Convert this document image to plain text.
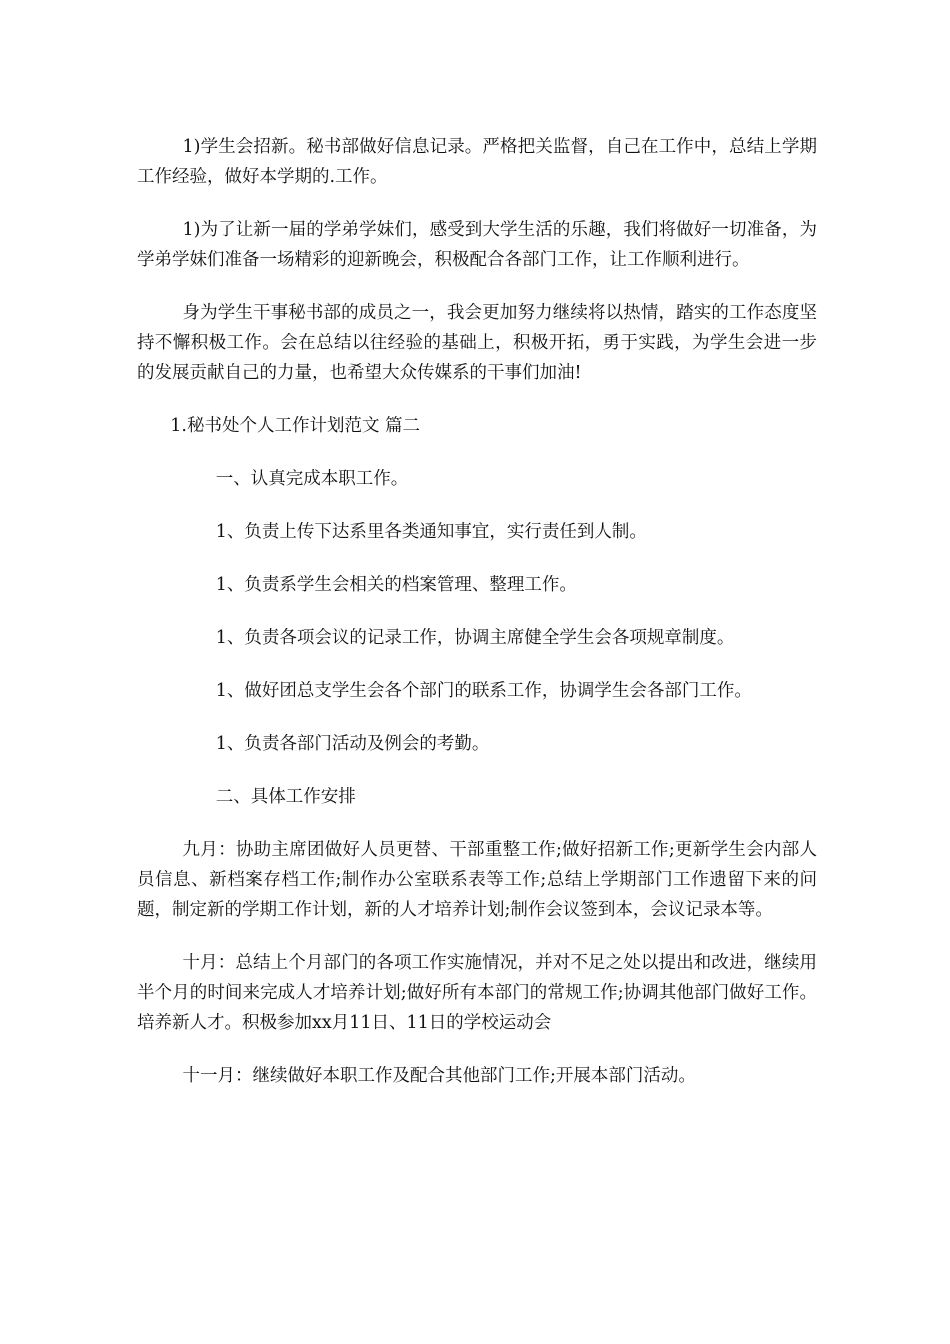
1)学生会招新。秘书部做好信息记录。严格把关监督，自己在工作中，总结上学期工作经验，做好本学期的.工作。

1)为了让新一届的学弟学妹们，感受到大学生活的乐趣，我们将做好一切准备，为学弟学妹们准备一场精彩的迎新晚会，积极配合各部门工作，让工作顺利进行。

身为学生干事秘书部的成员之一，我会更加努力继续将以热情，踏实的工作态度坚持不懈积极工作。会在总结以往经验的基础上，积极开拓，勇于实践，为学生会进一步的发展贡献自己的力量，也希望大众传媒系的干事们加油!

1.秘书处个人工作计划范文 篇二

一、认真完成本职工作。

1、负责上传下达系里各类通知事宜，实行责任到人制。

1、负责系学生会相关的档案管理、整理工作。

1、负责各项会议的记录工作，协调主席健全学生会各项规章制度。

1、做好团总支学生会各个部门的联系工作，协调学生会各部门工作。

1、负责各部门活动及例会的考勤。

二、具体工作安排

九月：协助主席团做好人员更替、干部重整工作;做好招新工作;更新学生会内部人员信息、新档案存档工作;制作办公室联系表等工作;总结上学期部门工作遗留下来的问题，制定新的学期工作计划，新的人才培养计划;制作会议签到本，会议记录本等。

十月：总结上个月部门的各项工作实施情况，并对不足之处以提出和改进，继续用半个月的时间来完成人才培养计划;做好所有本部门的常规工作;协调其他部门做好工作。培养新人才。积极参加xx月11日、11日的学校运动会

十一月：继续做好本职工作及配合其他部门工作;开展本部门活动。
